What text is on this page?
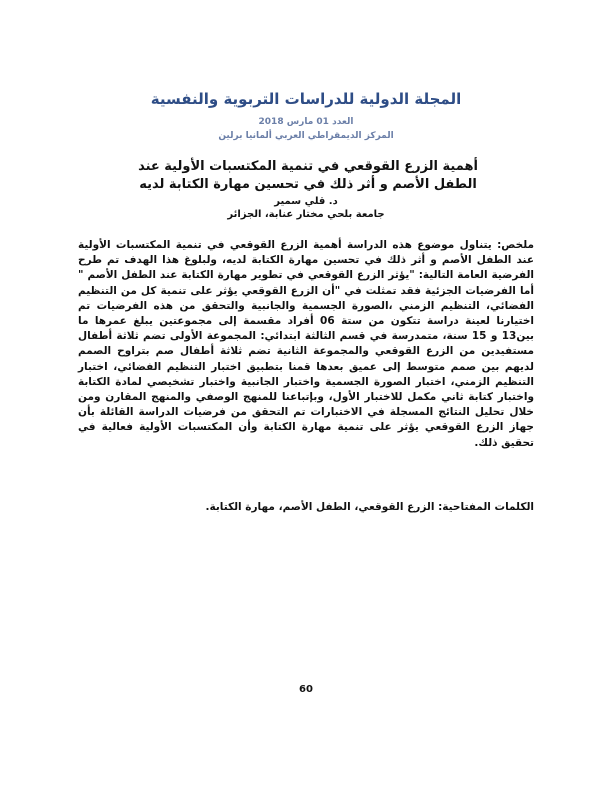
المجلة الدولية للدراسات التربوية والنفسية
العدد 01 مارس 2018
المركز الديمقراطي العربي ألمانيا برلين
أهمية الزرع القوقعي في تنمية المكتسبات الأولية عند الطفل الأصم و أثر ذلك في تحسين مهارة الكتابة لديه
د. قلي سمير
جامعة بلحي مختار عنابة، الجزائر
ملخص: يتناول موضوع هذه الدراسة أهمية الزرع القوقعي في تنمية المكتسبات الأولية عند الطفل الأصم و أثر ذلك في تحسين مهارة الكتابة لديه، ولبلوغ هذا الهدف تم طرح الفرضية العامة التالية: "يؤثر الزرع القوقعي في تطوير مهارة الكتابة عند الطفل الأصم " أما الفرضيات الجزئية فقد تمثلت في "أن الزرع القوقعي يؤثر على تنمية كل من التنظيم الفضائي، التنظيم الزمني ،الصورة الجسمية والجانبية والتحقق من هذه الفرضيات تم اختيارنا لعينة دراسة تتكون من ستة 06 أفراد مقسمة إلى مجموعتين يبلغ عمرها ما بين13 و 15 سنة، متمدرسة في قسم الثالثة ابتدائي: المجموعة الأولى تضم ثلاثة أطفال مستفيدين من الزرع القوقعي والمجموعة الثانية تضم ثلاثة أطفال صم بتراوح الصمم لديهم بين صمم متوسط إلى عميق بعدها قمنا بتطبيق اختبار التنظيم الفضائي، اختبار التنظيم الزمني، اختبار الصورة الجسمية واختبار الجانبية واختبار تشخيصي لمادة الكتابة واختبار كتابة ثاني مكمل للاختبار الأول، وبإتباعنا للمنهج الوصفي والمنهج المقارن ومن خلال تحليل النتائج المسجلة في الاختبارات تم التحقق من فرضيات الدراسة القائلة بأن جهاز الزرع القوقعي يؤثر على تنمية مهارة الكتابة وأن المكتسبات الأولية فعالية في تحقيق ذلك.
الكلمات المفتاحية: الزرع القوقعي، الطفل الأصم، مهارة الكتابة.
60
